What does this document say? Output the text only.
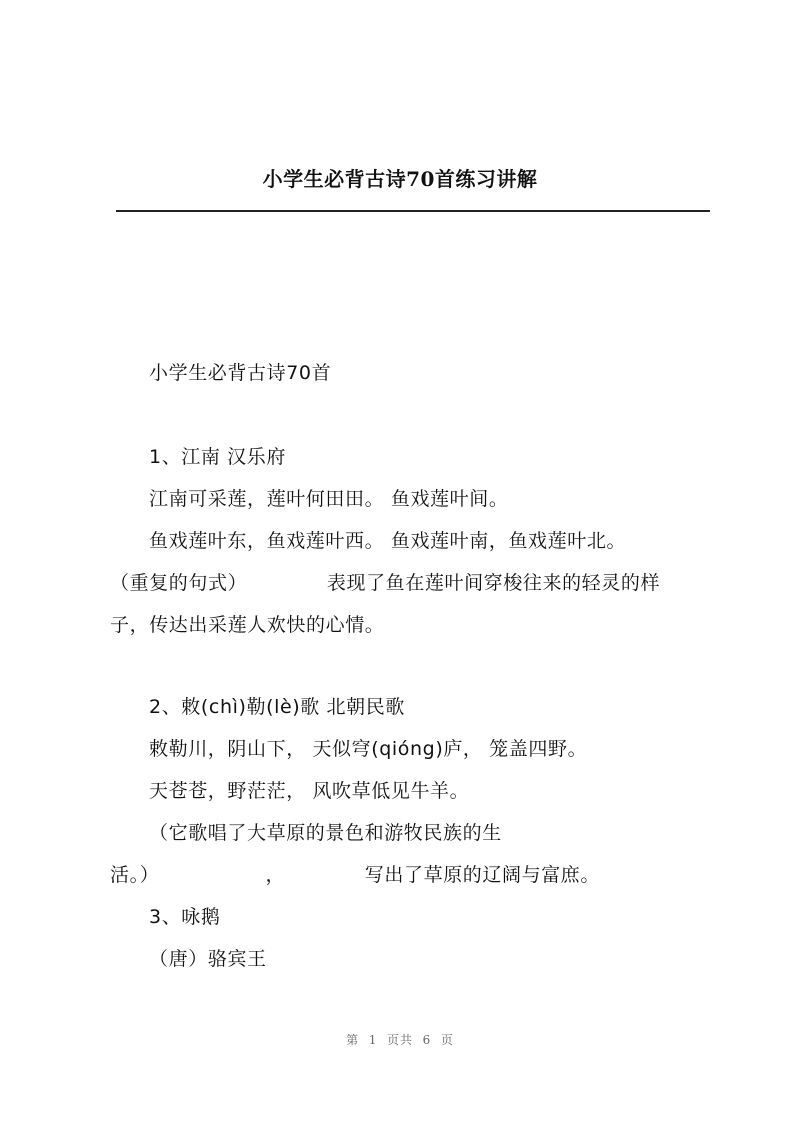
小学生必背古诗70首练习讲解
小学生必背古诗70首
1、江南 汉乐府
江南可采莲，莲叶何田田。 鱼戏莲叶间。
鱼戏莲叶东，鱼戏莲叶西。 鱼戏莲叶南，鱼戏莲叶北。
（重复的句式）            表现了鱼在莲叶间穿梭往来的轻灵的样
子，传达出采莲人欢快的心情。
2、敕(chì)勒(lè)歌 北朝民歌
敕勒川，阴山下， 天似穹(qióng)庐， 笼盖四野。
天苍苍，野茫茫， 风吹草低见牛羊。
（它歌唱了大草原的景色和游牧民族的生
活。）                ，            写出了草原的辽阔与富庶。
3、咏鹅
（唐）骆宾王
第  1  页共  6  页
